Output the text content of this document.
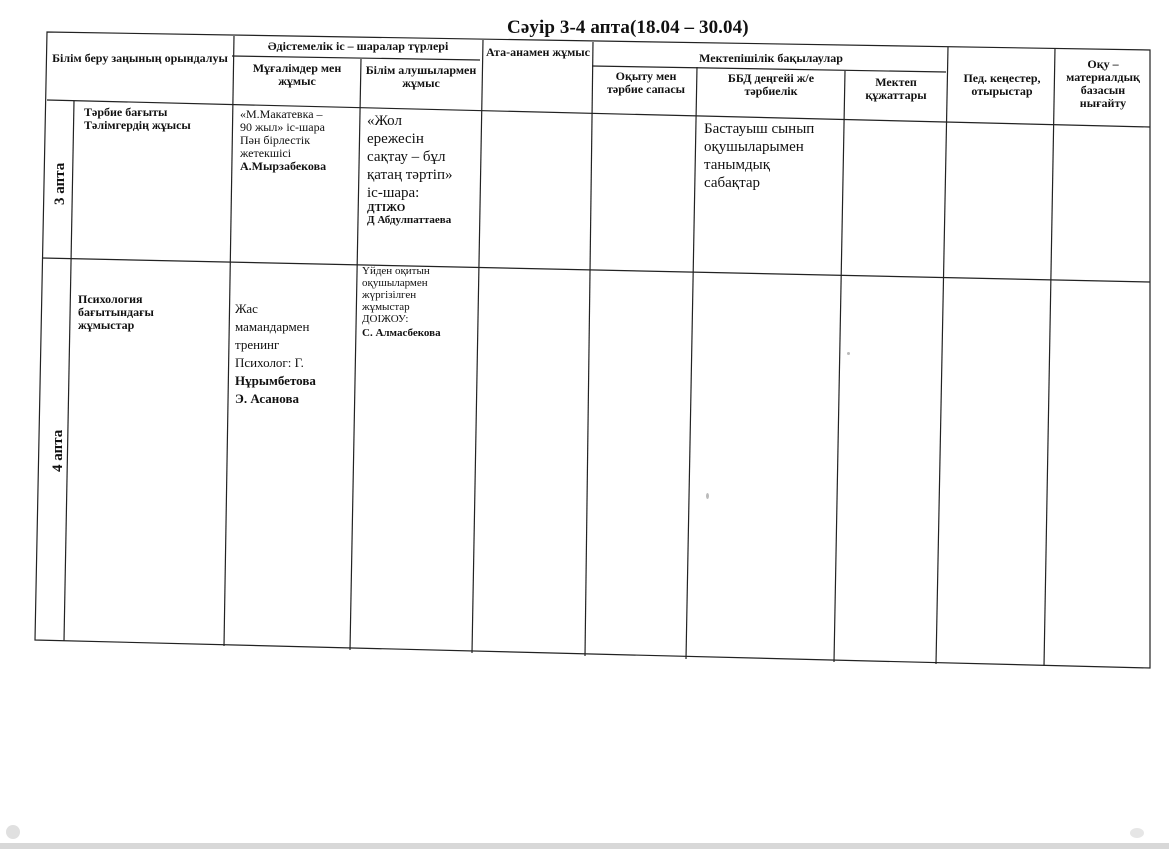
Сәуір 3-4 апта(18.04 – 30.04)
Білім беру заңының орындалуы
Әдістемелік іс – шаралар түрлері
Мұғалімдер мен жұмыс
Білім алушылармен жұмыс
Ата-анамен жұмыс	Мектепішілік бақылаулар
Оқыту мен тәрбие сапасы
ББД деңгейі ж/е тәрбиелік
Мектеп құжаттары
Пед. кеңестер, отырыстар
Оқу – материалдық базасын нығайту
3 апта
4 апта
Тәрбие бағыты
Тәлімгердің жұысы
«М.Макатевка –
90 жыл» іс-шара
Пән бірлестік
жетекшісі
А.Мырзабекова
«Жол
ережесін
сақтау – бұл
қатаң тәртіп»
іс-шара:
ДТІЖО
Д Абдулпаттаева
Бастауыш сынып
оқушыларымен
танымдық
сабақтар
Психология
бағытындағы
жұмыстар
Жас
мамандармен
тренинг
Психолог: Г.
Нұрымбетова
Э. Асанова
Үйден оқитын
оқушылармен
жүргізілген
жұмыстар
ДОІЖОУ:
С. Алмасбекова
